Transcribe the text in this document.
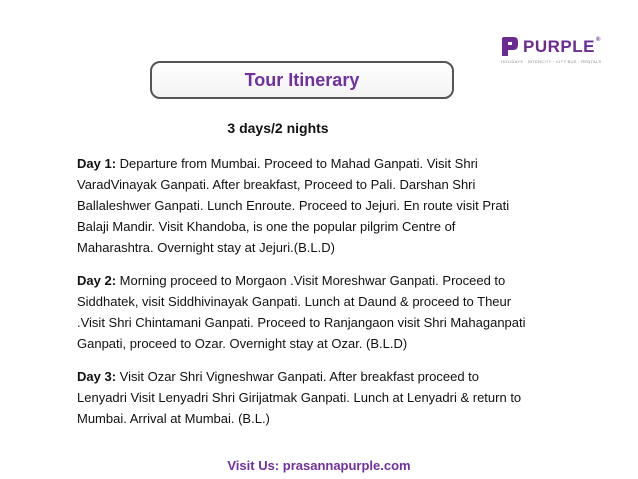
PURPLE®
HOLIDAYS · INTERCITY · CITY BUS · RENTALS
Tour Itinerary
3 days/2 nights
Day 1: Departure from Mumbai. Proceed to Mahad Ganpati. Visit Shri
VaradVinayak Ganpati. After breakfast, Proceed to Pali. Darshan Shri
Ballaleshwer Ganpati. Lunch Enroute. Proceed to Jejuri. En route visit Prati
Balaji Mandir. Visit Khandoba, is one the popular pilgrim Centre of
Maharashtra. Overnight stay at Jejuri.(B.L.D)
Day 2: Morning proceed to Morgaon .Visit Moreshwar Ganpati. Proceed to
Siddhatek, visit Siddhivinayak Ganpati. Lunch at Daund & proceed to Theur
.Visit Shri Chintamani Ganpati. Proceed to Ranjangaon visit Shri Mahaganpati
Ganpati, proceed to Ozar. Overnight stay at Ozar. (B.L.D)
Day 3: Visit Ozar Shri Vigneshwar Ganpati. After breakfast proceed to
Lenyadri Visit Lenyadri Shri Girijatmak Ganpati. Lunch at Lenyadri & return to
Mumbai. Arrival at Mumbai. (B.L.)
Visit Us: prasannapurple.com
